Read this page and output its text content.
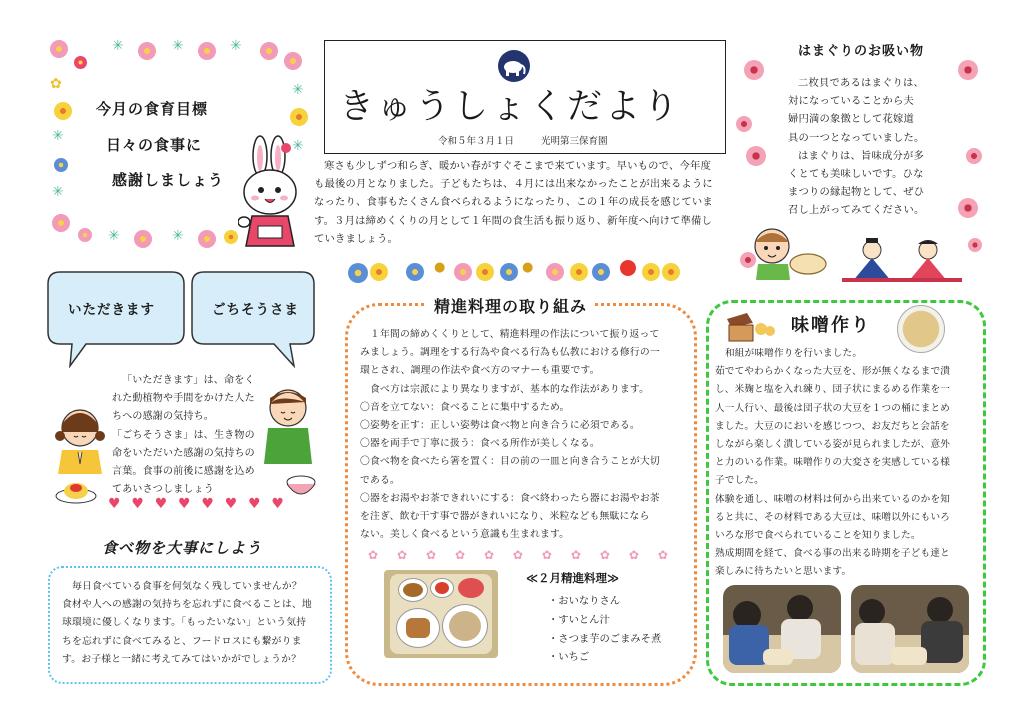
✳	✳	✳
✿
✳
✳
✳	✳
✳
✳
今月の食育目標
日々の食事に
感謝しましょう
きゅうしょくだより
令和５年３月１日	光明第三保育園
寒さも少しずつ和らぎ、暖かい春がすぐそこまで来ています。早いもので、今年度
も最後の月となりました。子どもたちは、４月には出来なかったことが出来るように
なったり、食事もたくさん食べられるようになったり、この１年の成長を感じていま
す。３月は締めくくりの月として１年間の食生活も振り返り、新年度へ向けて準備し
ていきましょう。
●	●
はまぐりのお吸い物
二枚貝であるはまぐりは、
対になっていることから夫
婦円満の象徴として花嫁道
具の一つとなっていました。
はまぐりは、旨味成分が多
くとても美味しいです。ひな
まつりの縁起物として、ぜひ
召し上がってみてください。
いただきます	ごちそうさま
「いただきます」は、命をく
れた動植物や手間をかけた人た
ちへの感謝の気持ち。
「ごちそうさま」は、生き物の
命をいただいた感謝の気持ちの
言葉。食事の前後に感謝を込め
てあいさつしましょう
♥ ♥ ♥ ♥ ♥ ♥ ♥ ♥
食べ物を大事にしよう
毎日食べている食事を何気なく残していませんか？
食材や人への感謝の気持ちを忘れずに食べることは、地
球環境に優しくなります。「もったいない」という気持
ちを忘れずに食べてみると、フードロスにも繋がりま
す。お子様と一緒に考えてみてはいかがでしょうか？
精進料理の取り組み
１年間の締めくくりとして、精進料理の作法について振り返って
みましょう。調理をする行為や食べる行為も仏教における修行の一
環とされ、調理の作法や食べ方のマナーも重要です。
食べ方は宗派により異なりますが、基本的な作法があります。
〇音を立てない：食べることに集中するため。
〇姿勢を正す：正しい姿勢は食べ物と向き合うに必須である。
〇器を両手で丁寧に扱う：食べる所作が美しくなる。
〇食べ物を食べたら箸を置く：目の前の一皿と向き合うことが大切
である。
〇器をお湯やお茶できれいにする：食べ終わったら器にお湯やお茶
を注ぎ、飲む干す事で器がきれいになり、米粒なども無駄になら
ない。美しく食べるという意識も生まれます。
✿ ✿ ✿ ✿ ✿ ✿ ✿ ✿ ✿ ✿ ✿
≪２月精進料理≫
・おいなりさん
・すいとん汁
・さつま芋のごまみそ煮
・いちご
味噌作り
和組が味噌作りを行いました。
茹でてやわらかくなった大豆を、形が無くなるまで潰
し、米麹と塩を入れ練り、団子状にまるめる作業を一
人一人行い、最後は団子状の大豆を１つの桶にまとめ
ました。大豆のにおいを感じつつ、お友だちと会話を
しながら楽しく潰している姿が見られましたが、意外
と力のいる作業。味噌作りの大変さを実感している様
子でした。
体験を通し、味噌の材料は何から出来ているのかを知
ると共に、その材料である大豆は、味噌以外にもいろ
いろな形で食べられていることを知りました。
熟成期間を経て、食べる事の出来る時期を子ども達と
楽しみに待ちたいと思います。
